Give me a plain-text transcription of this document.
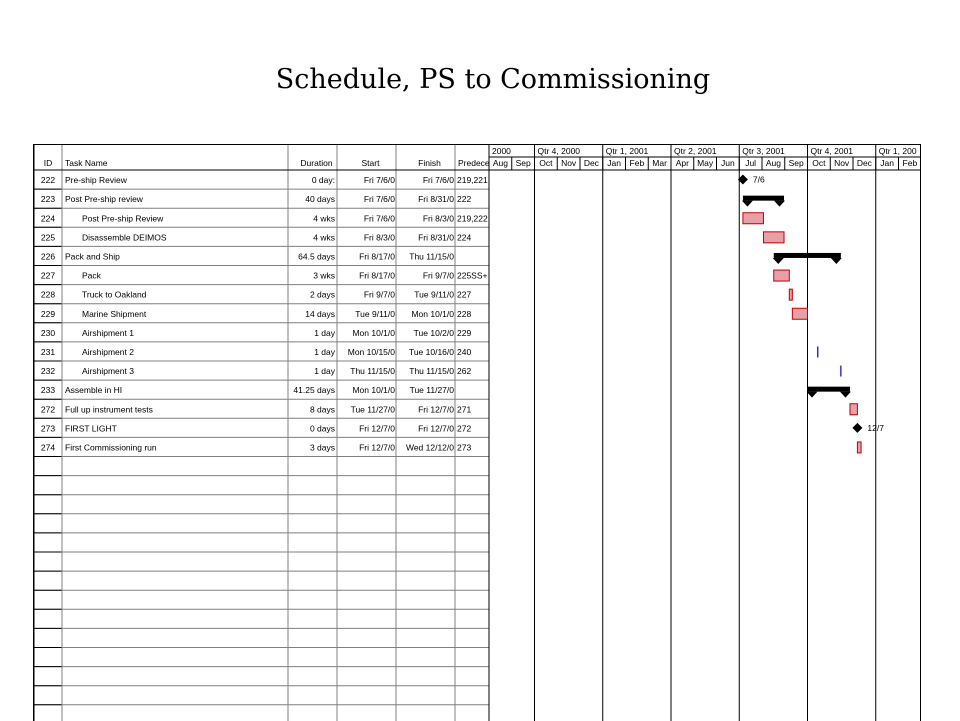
Schedule, PS to Commissioning
ID Task Name	Duration	Start	Finish Predece
2000	Qtr 4, 2000	Qtr 1, 2001	Qtr 2, 2001	Qtr 3, 2001	Qtr 4, 2001	Qtr 1, 200
Aug Sep Oct Nov Dec Jan Feb Mar Apr May Jun Jul Aug Sep Oct Nov Dec Jan Feb
222 Pre-ship Review	0 day:	Fri 7/6/0	Fri 7/6/0 219,221	7/6
223 Post Pre-ship review	40 days	Fri 7/6/0	Fri 8/31/0 222
224	Post Pre-ship Review	4 wks	Fri 7/6/0	Fri 8/3/0 219,222
225	Disassemble DEIMOS	4 wks	Fri 8/3/0	Fri 8/31/0 224
226 Pack and Ship	64.5 days	Fri 8/17/0 Thu 11/15/0
227	Pack	3 wks	Fri 8/17/0	Fri 9/7/0 225SS+
228	Truck to Oakland	2 days	Fri 9/7/0 Tue 9/11/0 227
229	Marine Shipment	14 days Tue 9/11/0 Mon 10/1/0 228
230	Airshipment 1	1 day Mon 10/1/0 Tue 10/2/0 229
231	Airshipment 2	1 day Mon 10/15/0 Tue 10/16/0 240
232	Airshipment 3	1 day Thu 11/15/0 Thu 11/15/0 262
233 Assemble in HI	41.25 days Mon 10/1/0 Tue 11/27/0
272 Full up instrument tests	8 days Tue 11/27/0	Fri 12/7/0 271
273 FIRST LIGHT	0 days	Fri 12/7/0	Fri 12/7/0 272	12/7
274 First Commissioning run	3 days	Fri 12/7/0 Wed 12/12/0 273
